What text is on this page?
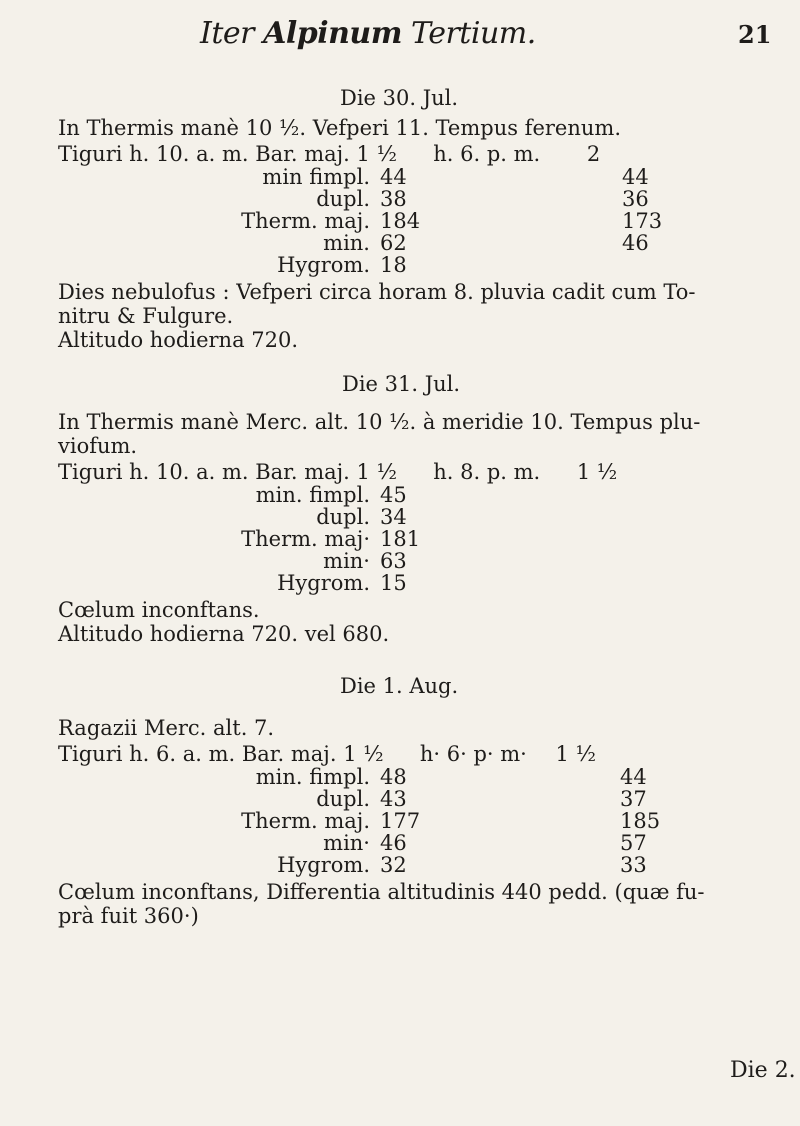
Iter Alpinum Tertium.	21
Die 30. Jul.
In Thermis manè 10 ½. Vefperi 11. Tempus ferenum.
Tiguri h. 10. a. m. Bar. maj. 1 ½ h. 6. p. m. 2
min fimpl. 44	44
dupl. 38	36
Therm. maj. 184	173
min. 62	46
Hygrom. 18
Dies nebulofus : Vefperi circa horam 8. pluvia cadit cum To-
nitru & Fulgure.
Altitudo hodierna 720.
Die 31. Jul.
In Thermis manè Merc. alt. 10 ½. à meridie 10. Tempus plu-
viofum.
Tiguri h. 10. a. m. Bar. maj. 1 ½ h. 8. p. m. 1 ½
min. fimpl. 45
dupl. 34
Therm. maj· 181
min· 63
Hygrom. 15
Cœlum inconftans.
Altitudo hodierna 720. vel 680.
Die 1. Aug.
Ragazii Merc. alt. 7.
Tiguri h. 6. a. m. Bar. maj. 1 ½ h· 6· p· m· 1 ½
min. fimpl. 48	44
dupl. 43	37
Therm. maj. 177	185
min· 46	57
Hygrom. 32	33
Cœlum inconftans, Differentia altitudinis 440 pedd. (quæ fu-
prà fuit 360·)
Die 2.
